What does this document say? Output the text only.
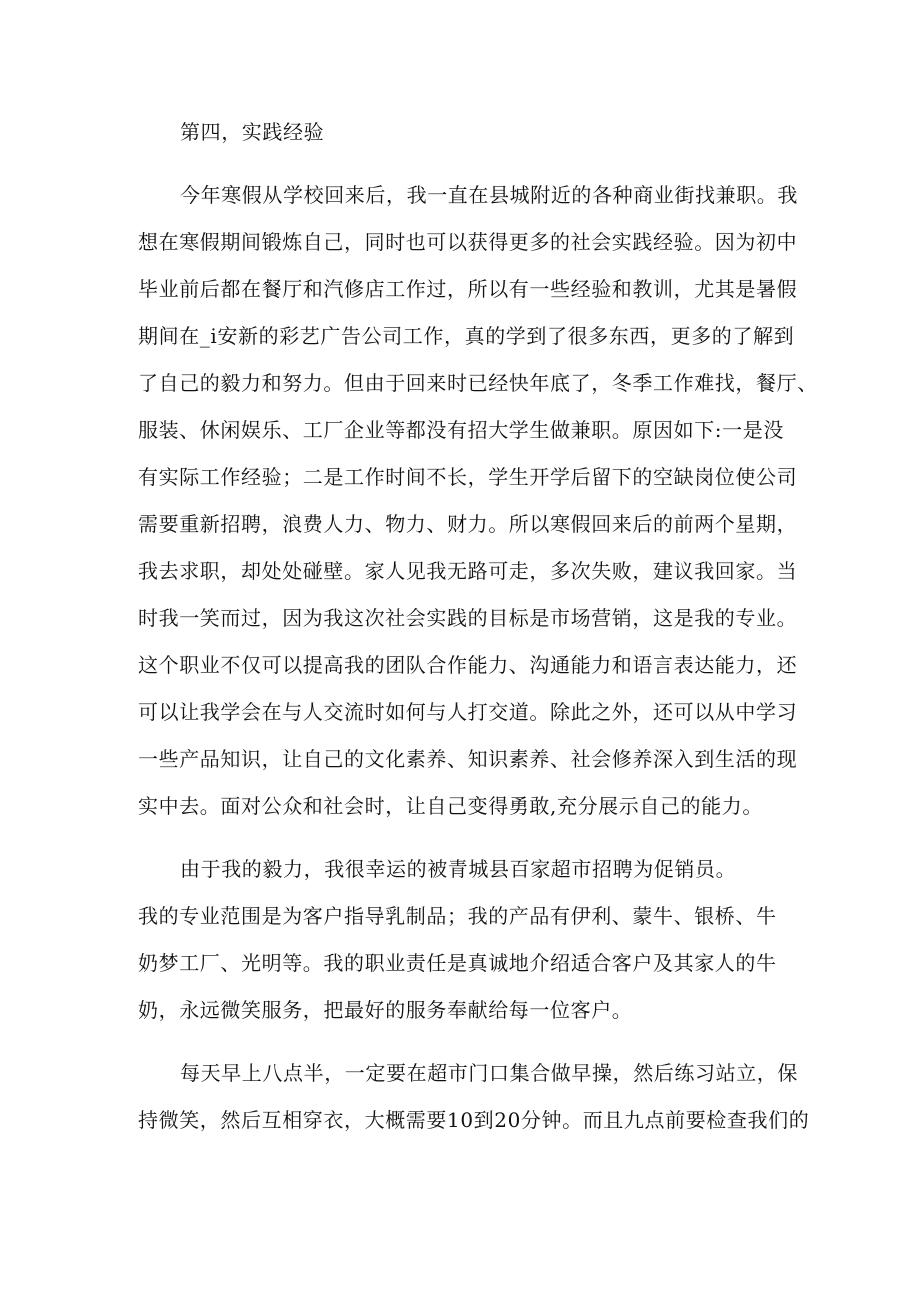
第四，实践经验
今年寒假从学校回来后，我一直在县城附近的各种商业街找兼职。我
想在寒假期间锻炼自己，同时也可以获得更多的社会实践经验。因为初中
毕业前后都在餐厅和汽修店工作过，所以有一些经验和教训，尤其是暑假
期间在_i安新的彩艺广告公司工作，真的学到了很多东西，更多的了解到
了自己的毅力和努力。但由于回来时已经快年底了，冬季工作难找，餐厅、
服装、休闲娱乐、工厂企业等都没有招大学生做兼职。原因如下:一是没
有实际工作经验；二是工作时间不长，学生开学后留下的空缺岗位使公司
需要重新招聘，浪费人力、物力、财力。所以寒假回来后的前两个星期，
我去求职，却处处碰壁。家人见我无路可走，多次失败，建议我回家。当
时我一笑而过，因为我这次社会实践的目标是市场营销，这是我的专业。
这个职业不仅可以提高我的团队合作能力、沟通能力和语言表达能力，还
可以让我学会在与人交流时如何与人打交道。除此之外，还可以从中学习
一些产品知识，让自己的文化素养、知识素养、社会修养深入到生活的现
实中去。面对公众和社会时，让自己变得勇敢,充分展示自己的能力。
由于我的毅力，我很幸运的被青城县百家超市招聘为促销员。
我的专业范围是为客户指导乳制品；我的产品有伊利、蒙牛、银桥、牛
奶梦工厂、光明等。我的职业责任是真诚地介绍适合客户及其家人的牛
奶，永远微笑服务，把最好的服务奉献给每一位客户。
每天早上八点半，一定要在超市门口集合做早操，然后练习站立，保
持微笑，然后互相穿衣，大概需要10到20分钟。而且九点前要检查我们的
